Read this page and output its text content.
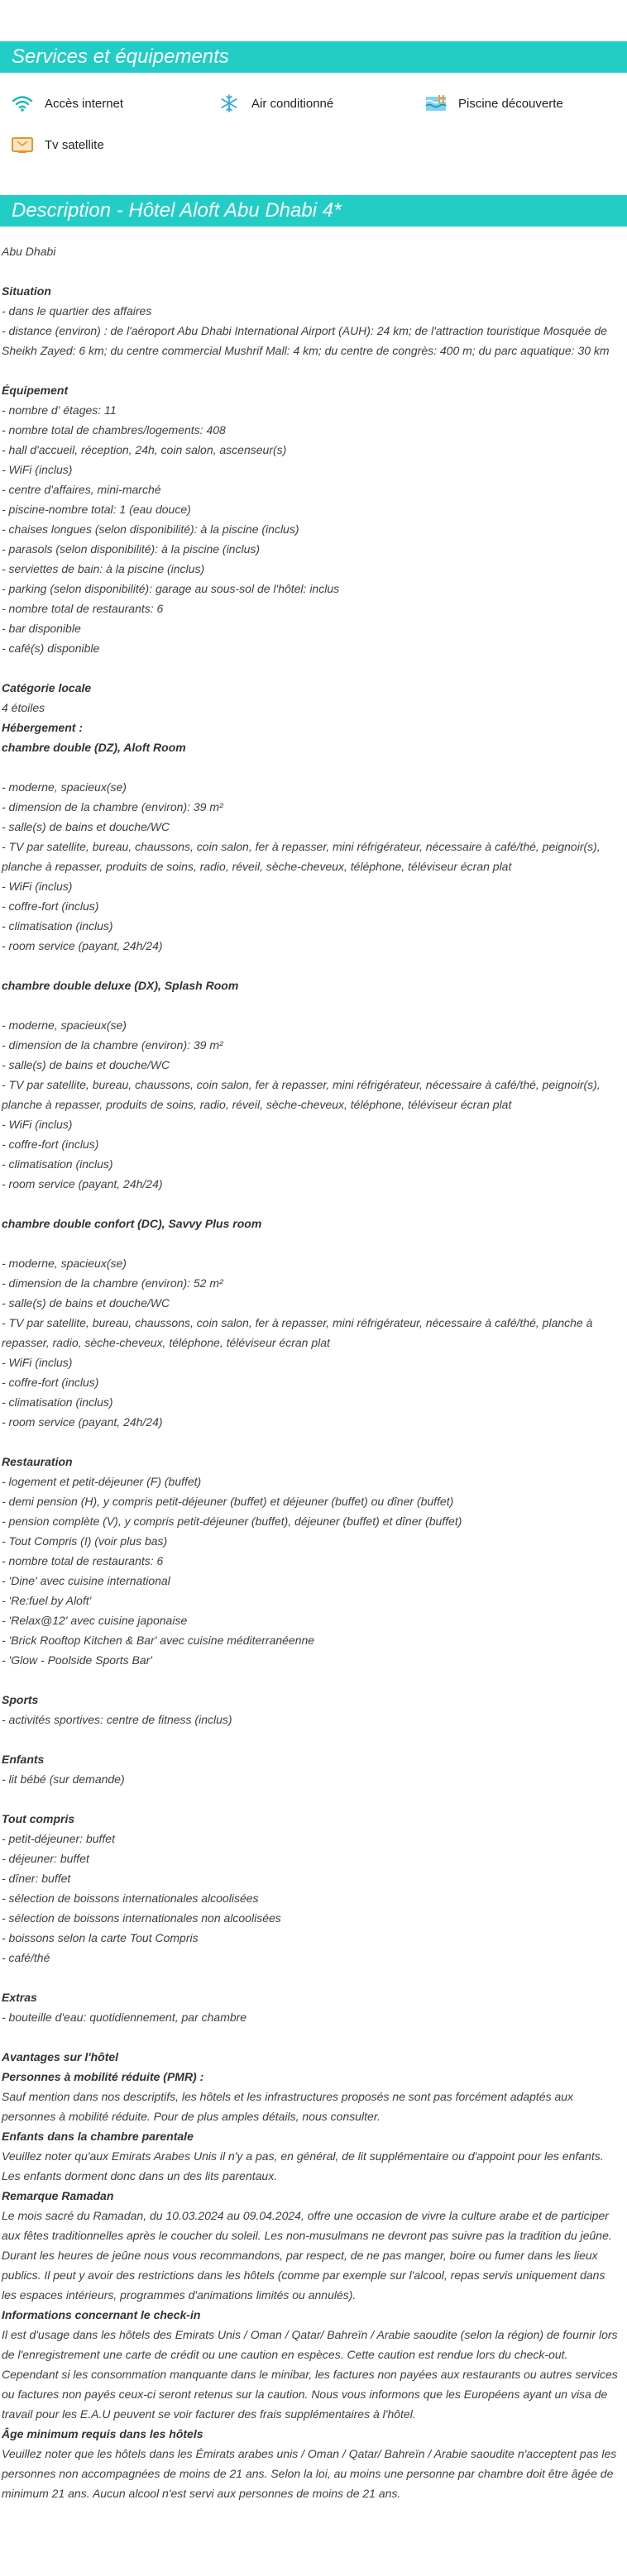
Services et équipements
Accès internet	Air conditionné	Piscine découverte
Tv satellite
Description - Hôtel Aloft Abu Dhabi 4*

Abu Dhabi

Situation

- dans le quartier des affaires

- distance (environ) : de l'aéroport Abu Dhabi International Airport (AUH): 24 km; de l'attraction touristique Mosquée de Sheikh Zayed: 6 km; du centre commercial Mushrif Mall: 4 km; du centre de congrès: 400 m; du parc aquatique: 30 km

Équipement

- nombre d' étages: 11

- nombre total de chambres/logements: 408

- hall d'accueil, réception, 24h, coin salon, ascenseur(s)

- WiFi (inclus)

- centre d'affaires, mini-marché

- piscine-nombre total: 1 (eau douce)

- chaises longues (selon disponibilité): à la piscine (inclus)

- parasols (selon disponibilité): à la piscine (inclus)

- serviettes de bain: à la piscine (inclus)

- parking (selon disponibilité): garage au sous-sol de l'hôtel: inclus

- nombre total de restaurants: 6

- bar disponible

- café(s) disponible

Catégorie locale

4 étoiles

Hébergement :

chambre double (DZ), Aloft Room

- moderne, spacieux(se)

- dimension de la chambre (environ): 39 m²

- salle(s) de bains et douche/WC

- TV par satellite, bureau, chaussons, coin salon, fer à repasser, mini réfrigérateur, nécessaire à café/thé, peignoir(s), planche à repasser, produits de soins, radio, réveil, sèche-cheveux, téléphone, téléviseur écran plat

- WiFi (inclus)

- coffre-fort (inclus)

- climatisation (inclus)

- room service (payant, 24h/24)

chambre double deluxe (DX), Splash Room

- moderne, spacieux(se)

- dimension de la chambre (environ): 39 m²

- salle(s) de bains et douche/WC

- TV par satellite, bureau, chaussons, coin salon, fer à repasser, mini réfrigérateur, nécessaire à café/thé, peignoir(s), planche à repasser, produits de soins, radio, réveil, sèche-cheveux, téléphone, téléviseur écran plat

- WiFi (inclus)

- coffre-fort (inclus)

- climatisation (inclus)

- room service (payant, 24h/24)

chambre double confort (DC), Savvy Plus room

- moderne, spacieux(se)

- dimension de la chambre (environ): 52 m²

- salle(s) de bains et douche/WC

- TV par satellite, bureau, chaussons, coin salon, fer à repasser, mini réfrigérateur, nécessaire à café/thé, planche à repasser, radio, sèche-cheveux, téléphone, téléviseur écran plat

- WiFi (inclus)

- coffre-fort (inclus)

- climatisation (inclus)

- room service (payant, 24h/24)

Restauration

- logement et petit-déjeuner (F) (buffet)

- demi pension (H), y compris petit-déjeuner (buffet) et déjeuner (buffet) ou dîner (buffet)

- pension complète (V), y compris petit-déjeuner (buffet), déjeuner (buffet) et dîner (buffet)

- Tout Compris (I) (voir plus bas)

- nombre total de restaurants: 6

- 'Dine' avec cuisine international

- 'Re:fuel by Aloft'

- 'Relax@12' avec cuisine japonaise

- 'Brick Rooftop Kitchen & Bar' avec cuisine méditerranéenne

- 'Glow - Poolside Sports Bar'

Sports

- activités sportives: centre de fitness (inclus)

Enfants

- lit bébé (sur demande)

Tout compris

- petit-déjeuner: buffet

- déjeuner: buffet

- dîner: buffet

- sélection de boissons internationales alcoolisées

- sélection de boissons internationales non alcoolisées

- boissons selon la carte Tout Compris

- café/thé

Extras

- bouteille d'eau: quotidiennement, par chambre

Avantages sur l'hôtel

Personnes à mobilité réduite (PMR) :

Sauf mention dans nos descriptifs, les hôtels et les infrastructures proposés ne sont pas forcément adaptés aux personnes à mobilité réduite. Pour de plus amples détails, nous consulter.

Enfants dans la chambre parentale

Veuillez noter qu'aux Emirats Arabes Unis il n'y a pas, en général, de lit supplémentaire ou d'appoint pour les enfants. Les enfants dorment donc dans un des lits parentaux.

Remarque Ramadan

Le mois sacré du Ramadan, du 10.03.2024 au 09.04.2024, offre une occasion de vivre la culture arabe et de participer aux fêtes traditionnelles après le coucher du soleil. Les non-musulmans ne devront pas suivre pas la tradition du jeûne. Durant les heures de jeûne nous vous recommandons, par respect, de ne pas manger, boire ou fumer dans les lieux publics. Il peut y avoir des restrictions dans les hôtels (comme par exemple sur l'alcool, repas servis uniquement dans les espaces intérieurs, programmes d'animations limités ou annulés).

Informations concernant le check-in

Il est d'usage dans les hôtels des Emirats Unis / Oman / Qatar/ Bahreïn / Arabie saoudite (selon la région) de fournir lors de l'enregistrement une carte de crédit ou une caution en espèces. Cette caution est rendue lors du check-out. Cependant si les consommation manquante dans le minibar, les factures non payées aux restaurants ou autres services ou factures non payés ceux-ci seront retenus sur la caution. Nous vous informons que les Européens ayant un visa de travail pour les E.A.U peuvent se voir facturer des frais supplémentaires à l'hôtel.

Âge minimum requis dans les hôtels

Veuillez noter que les hôtels dans les Émirats arabes unis / Oman / Qatar/ Bahreïn / Arabie saoudite n'acceptent pas les personnes non accompagnées de moins de 21 ans. Selon la loi, au moins une personne par chambre doit être âgée de minimum 21 ans. Aucun alcool n'est servi aux personnes de moins de 21 ans.
